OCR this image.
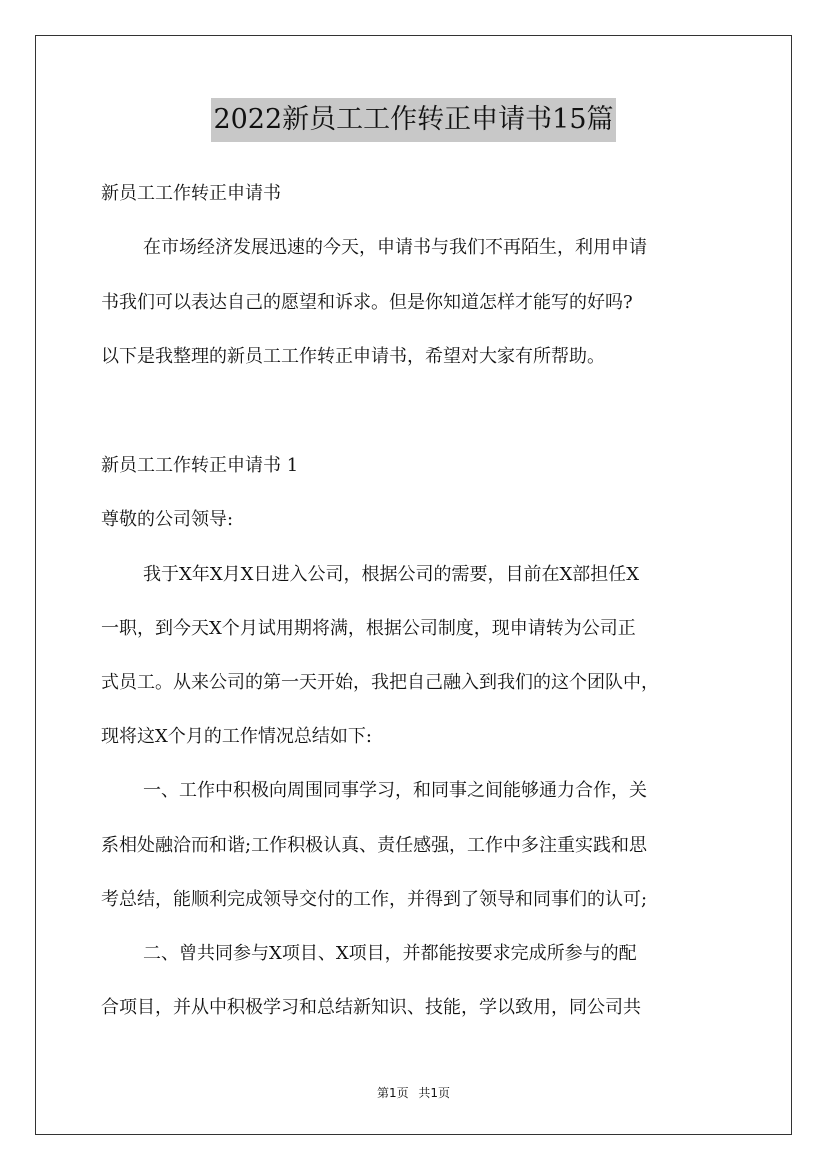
2022新员工工作转正申请书15篇
新员工工作转正申请书
在市场经济发展迅速的今天，申请书与我们不再陌生，利用申请
书我们可以表达自己的愿望和诉求。但是你知道怎样才能写的好吗?
以下是我整理的新员工工作转正申请书，希望对大家有所帮助。
新员工工作转正申请书 1
尊敬的公司领导:
我于X年X月X日进入公司，根据公司的需要，目前在X部担任X
一职，到今天X个月试用期将满，根据公司制度，现申请转为公司正
式员工。从来公司的第一天开始，我把自己融入到我们的这个团队中，
现将这X个月的工作情况总结如下:
一、工作中积极向周围同事学习，和同事之间能够通力合作，关
系相处融洽而和谐;工作积极认真、责任感强，工作中多注重实践和思
考总结，能顺利完成领导交付的工作，并得到了领导和同事们的认可;
二、曾共同参与X项目、X项目，并都能按要求完成所参与的配
合项目，并从中积极学习和总结新知识、技能，学以致用，同公司共
第1页 共1页
